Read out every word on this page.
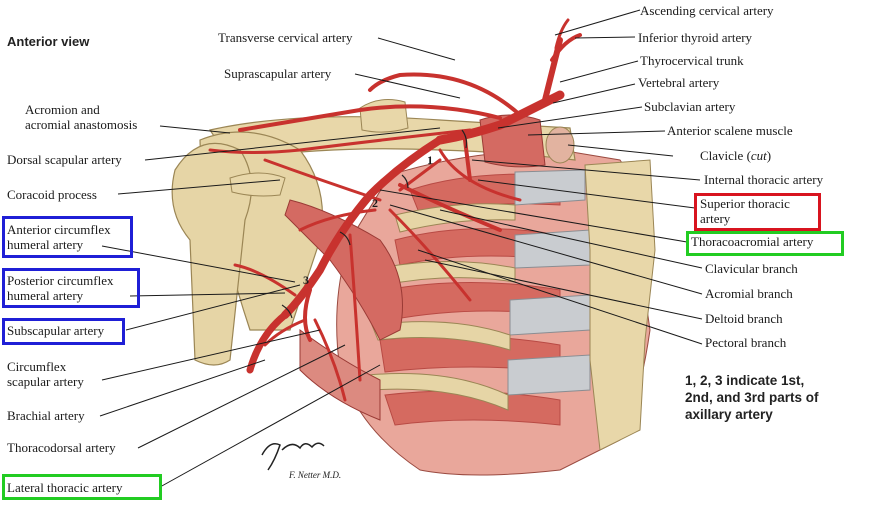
1
2
3
Anterior view	Transverse cervical artery
Suprascapular artery
Acromion and
acromial anastomosis
Dorsal scapular artery
Coracoid process
Anterior circumflex
humeral artery
Posterior circumflex
humeral artery
Subscapular artery
Circumflex
scapular artery
Brachial artery
Thoracodorsal artery
Lateral thoracic artery
Ascending cervical artery
Inferior thyroid artery
Thyrocervical trunk
Vertebral artery
Subclavian artery
Anterior scalene muscle
Clavicle (cut)
Internal thoracic artery
Superior thoracic
artery
Thoracoacromial artery
Clavicular branch
Acromial branch
Deltoid branch
Pectoral branch
1, 2, 3 indicate 1st,
2nd, and 3rd parts of
axillary artery
F. Netter M.D.
